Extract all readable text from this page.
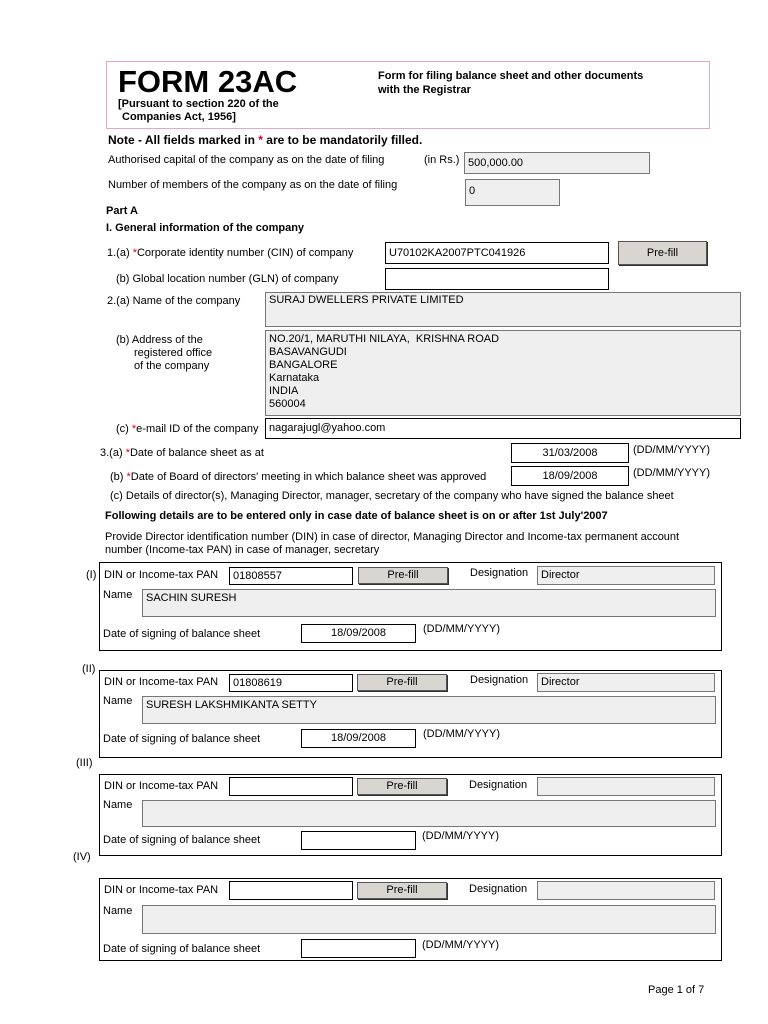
FORM 23AC
[Pursuant to section 220 of the
Companies Act, 1956]
Form for filing balance sheet and other documents
with the Registrar
Note - All fields marked in * are to be mandatorily filled.
Authorised capital of the company as on the date of filing	(in Rs.) 500,000.00
Number of members of the company as on the date of filing	0
Part A
I. General information of the company
1.(a) *Corporate identity number (CIN) of company	U70102KA2007PTC041926	Pre-fill
(b) Global location number (GLN) of company
2.(a) Name of the company	SURAJ DWELLERS PRIVATE LIMITED
(b) Address of the
registered office
of the company
NO.20/1, MARUTHI NILAYA,  KRISHNA ROAD
BASAVANGUDI
BANGALORE
Karnataka
INDIA
560004
(c) *e-mail ID of the company nagarajugl@yahoo.com
3.(a) *Date of balance sheet as at	31/03/2008	(DD/MM/YYYY)
(b) *Date of Board of directors' meeting in which balance sheet was approved	18/09/2008	(DD/MM/YYYY)
(c) Details of director(s), Managing Director, manager, secretary of the company who have signed the balance sheet
Following details are to be entered only in case date of balance sheet is on or after 1st July'2007
Provide Director identification number (DIN) in case of director, Managing Director and Income-tax permanent account
number (Income-tax PAN) in case of manager, secretary
(I) DIN or Income-tax PAN	01808557	Pre-fill	Designation	Director
Name	SACHIN SURESH
Date of signing of balance sheet	18/09/2008	(DD/MM/YYYY)
(II)
DIN or Income-tax PAN	01808619	Pre-fill	Designation	Director
Name	SURESH LAKSHMIKANTA SETTY
Date of signing of balance sheet	18/09/2008	(DD/MM/YYYY)
(III)
DIN or Income-tax PAN	Pre-fill	Designation
Name
Date of signing of balance sheet	(DD/MM/YYYY)
(IV)
DIN or Income-tax PAN	Pre-fill	Designation
Name
Date of signing of balance sheet	(DD/MM/YYYY)
Page 1 of 7
